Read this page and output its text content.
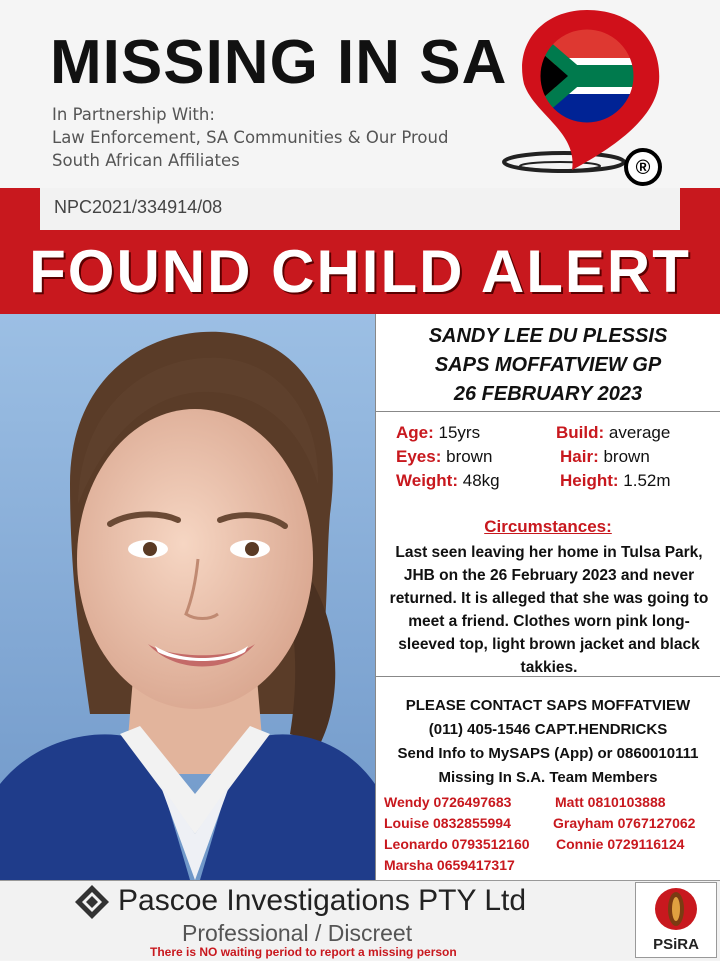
MISSING IN SA
In Partnership With:
Law Enforcement, SA Communities & Our Proud
South African Affiliates	®
NPC2021/334914/08
FOUND CHILD ALERT
SANDY LEE DU PLESSIS
SAPS MOFFATVIEW GP
26 FEBRUARY 2023
Age: 15yrs	Build: average
Eyes: brown	Hair: brown
Weight: 48kg	Height: 1.52m
Circumstances:
Last seen leaving her home in Tulsa Park, JHB on the 26 February 2023 and never returned. It is alleged that she was going to meet a friend. Clothes worn pink long-sleeved top, light brown jacket and black takkies.
PLEASE CONTACT SAPS MOFFATVIEW
(011) 405-1546 CAPT.HENDRICKS
Send Info to MySAPS (App) or 0860010111
Missing In S.A. Team Members
Wendy 0726497683	Matt 0810103888
Louise 0832855994	Grayham 0767127062
Leonardo 0793512160 Connie 0729116124
Marsha 0659417317
Pascoe Investigations PTY Ltd
Professional / Discreet
There is NO waiting period to report a missing person	PSiRA
